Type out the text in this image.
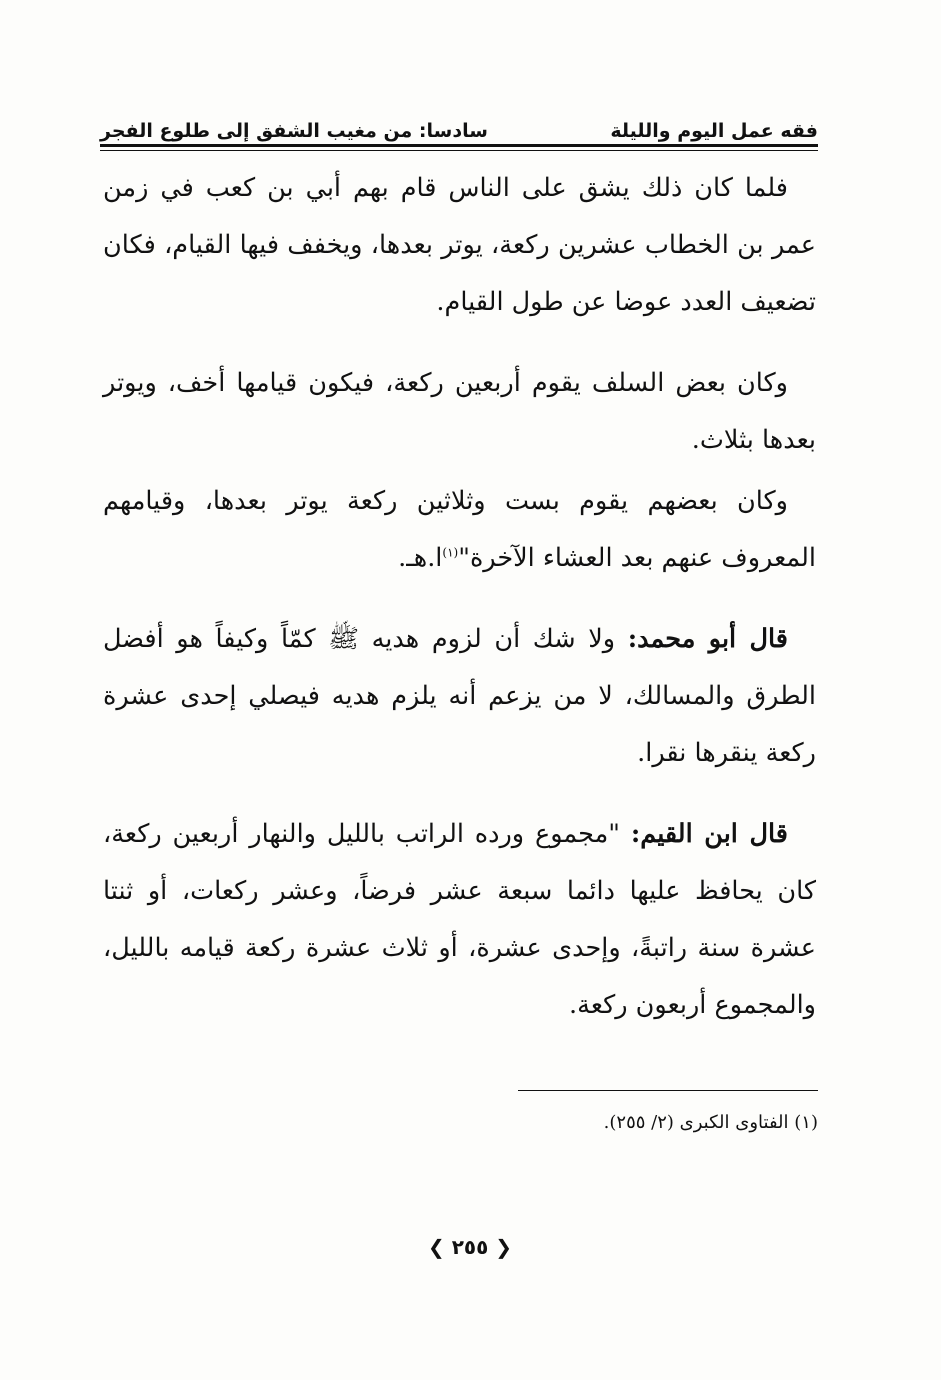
فقه عمل اليوم والليلة
سادسا: من مغيب الشفق إلى طلوع الفجر

فلما كان ذلك يشق على الناس قام بهم أبي بن كعب في زمن عمر بن الخطاب عشرين ركعة، يوتر بعدها، ويخفف فيها القيام، فكان تضعيف العدد عوضا عن طول القيام.

وكان بعض السلف يقوم أربعين ركعة، فيكون قيامها أخف، ويوتر بعدها بثلاث.

وكان بعضهم يقوم بست وثلاثين ركعة يوتر بعدها، وقيامهم المعروف عنهم بعد العشاء الآخرة"$^{(١)}$ا.هـ.

قال أبو محمد: ولا شك أن لزوم هديه ﷺ كمّاً وكيفاً هو أفضل الطرق والمسالك، لا من يزعم أنه يلزم هديه فيصلي إحدى عشرة ركعة ينقرها نقرا.

قال ابن القيم: "مجموع ورده الراتب بالليل والنهار أربعين ركعة، كان يحافظ عليها دائما سبعة عشر فرضاً، وعشر ركعات، أو ثنتا عشرة سنة راتبةً، وإحدى عشرة، أو ثلاث عشرة ركعة قيامه بالليل، والمجموع أربعون ركعة.

(١) الفتاوى الكبرى (٢/ ٢٥٥).
❮ ٢٥٥ ❯
